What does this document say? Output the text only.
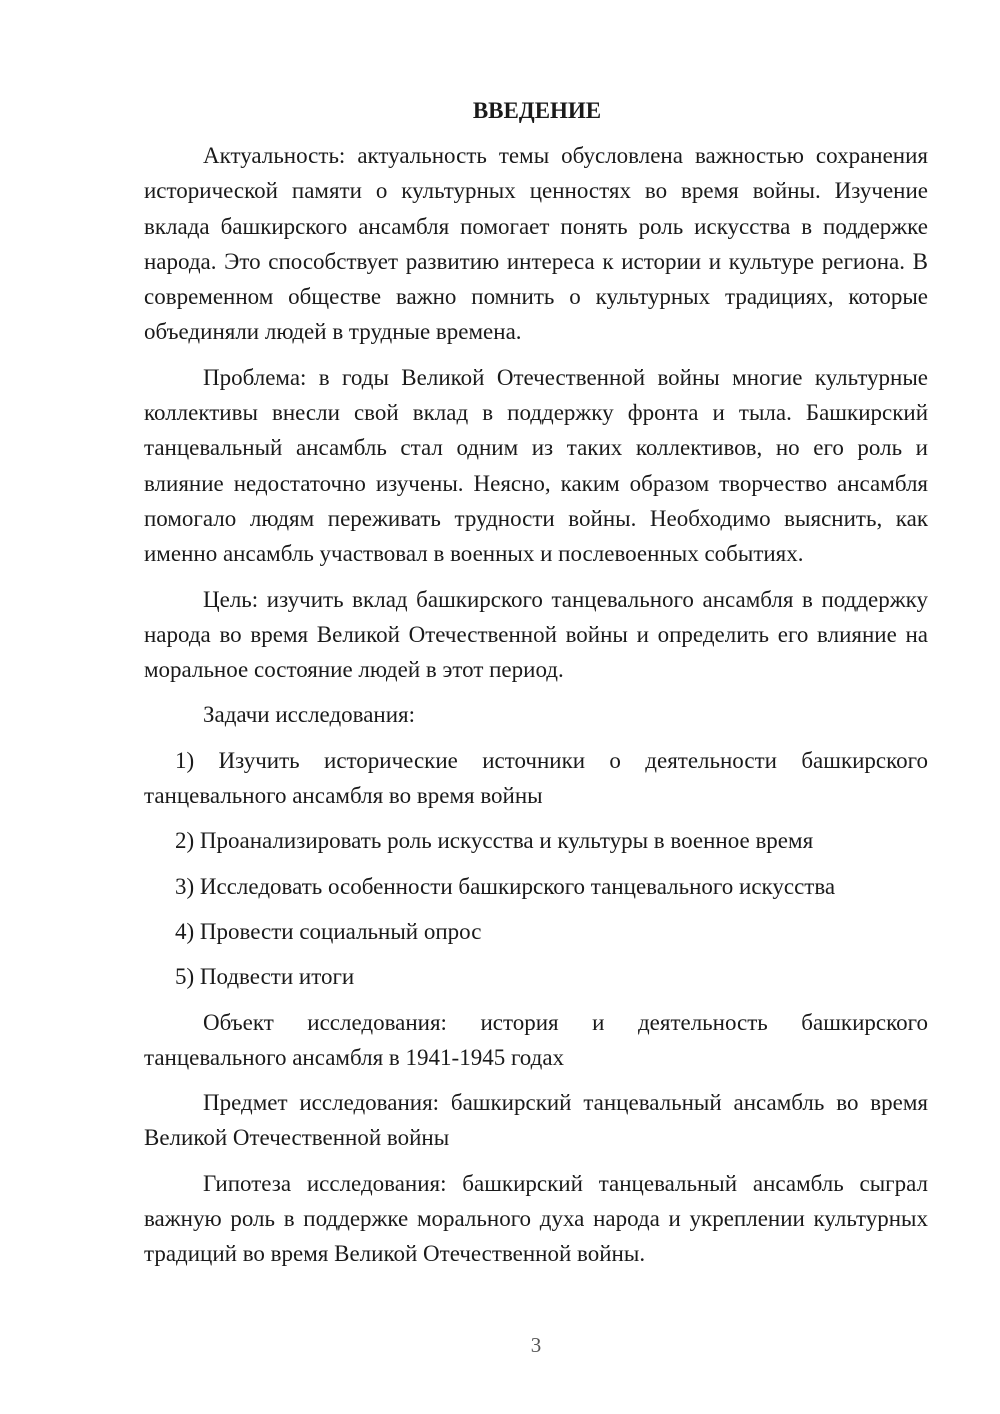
ВВЕДЕНИЕ

Актуальность: актуальность темы обусловлена важностью сохранения исторической памяти о культурных ценностях во время войны. Изучение вклада башкирского ансамбля помогает понять роль искусства в поддержке народа. Это способствует развитию интереса к истории и культуре региона. В современном обществе важно помнить о культурных традициях, которые объединяли людей в трудные времена.

Проблема: в годы Великой Отечественной войны многие культурные коллективы внесли свой вклад в поддержку фронта и тыла. Башкирский танцевальный ансамбль стал одним из таких коллективов, но его роль и влияние недостаточно изучены. Неясно, каким образом творчество ансамбля помогало людям переживать трудности войны. Необходимо выяснить, как именно ансамбль участвовал в военных и послевоенных событиях.

Цель: изучить вклад башкирского танцевального ансамбля в поддержку народа во время Великой Отечественной войны и определить его влияние на моральное состояние людей в этот период.

Задачи исследования:

1) Изучить исторические источники о деятельности башкирского танцевального ансамбля во время войны

2) Проанализировать роль искусства и культуры в военное время

3) Исследовать особенности башкирского танцевального искусства

4) Провести социальный опрос

5) Подвести итоги

Объект исследования: история и деятельность башкирского танцевального ансамбля в 1941-1945 годах

Предмет исследования: башкирский танцевальный ансамбль во время Великой Отечественной войны

Гипотеза исследования: башкирский танцевальный ансамбль сыграл важную роль в поддержке морального духа народа и укреплении культурных традиций во время Великой Отечественной войны.

3
